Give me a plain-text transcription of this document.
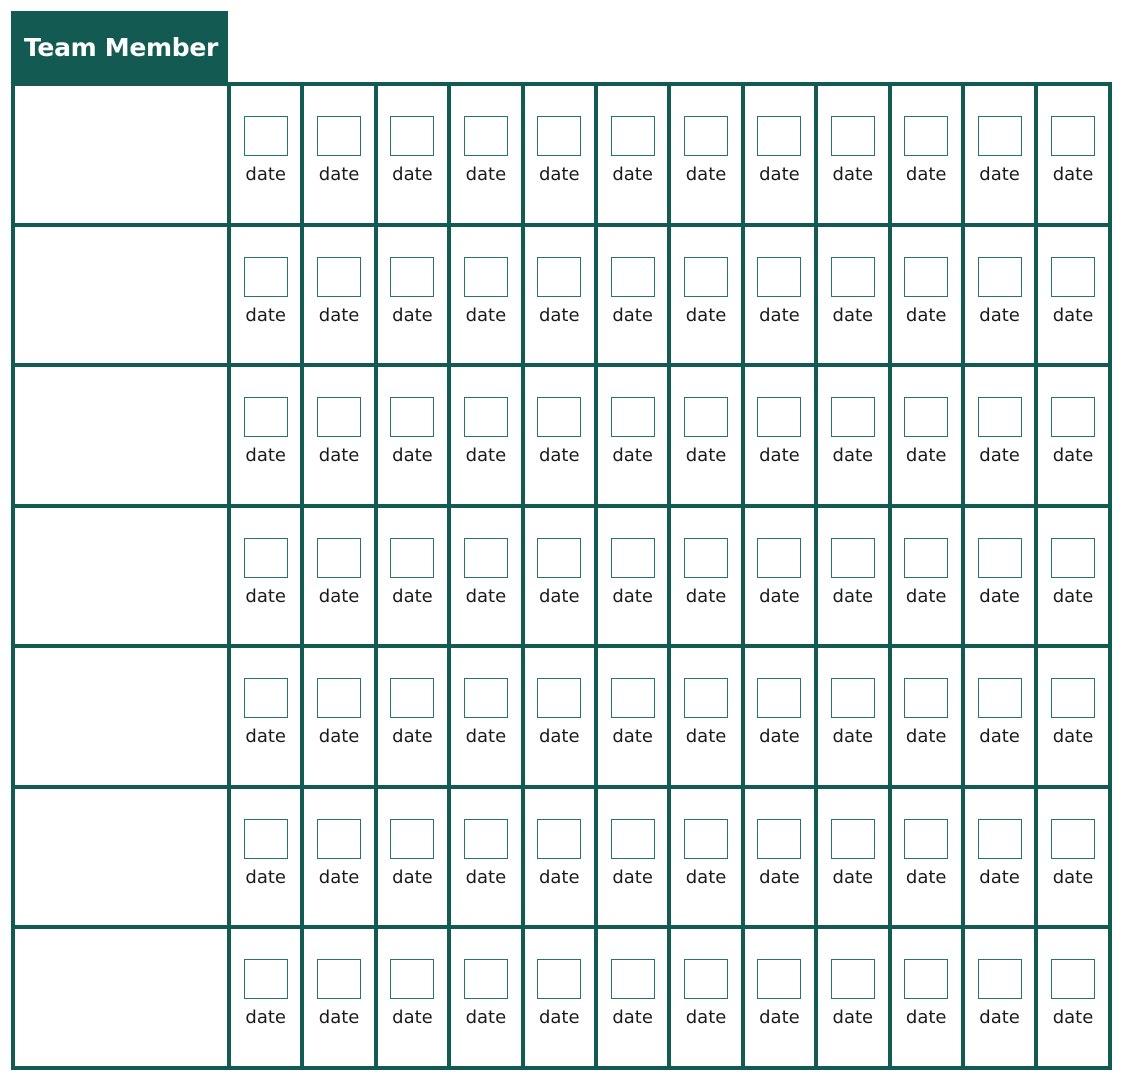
Team Member
date date date date date date date date date date date date
date date date date date date date date date date date date
date date date date date date date date date date date date
date date date date date date date date date date date date
date date date date date date date date date date date date
date date date date date date date date date date date date
date date date date date date date date date date date date
